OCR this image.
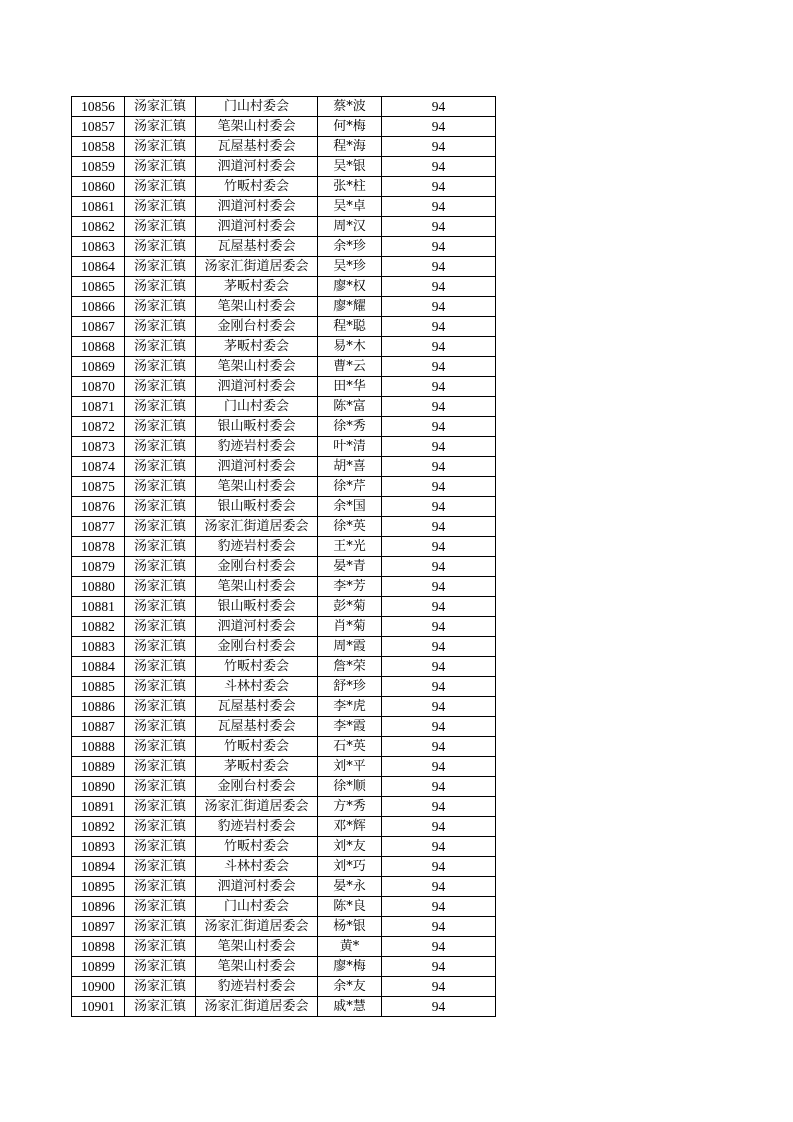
10856	汤家汇镇	门山村委会	蔡*波	94
10857	汤家汇镇	笔架山村委会	何*梅	94
10858	汤家汇镇	瓦屋基村委会	程*海	94
10859	汤家汇镇	泗道河村委会	吴*银	94
10860	汤家汇镇	竹畈村委会	张*柱	94
10861	汤家汇镇	泗道河村委会	吴*卓	94
10862	汤家汇镇	泗道河村委会	周*汉	94
10863	汤家汇镇	瓦屋基村委会	余*珍	94
10864	汤家汇镇	汤家汇街道居委会	吴*珍	94
10865	汤家汇镇	茅畈村委会	廖*权	94
10866	汤家汇镇	笔架山村委会	廖*耀	94
10867	汤家汇镇	金刚台村委会	程*聪	94
10868	汤家汇镇	茅畈村委会	易*木	94
10869	汤家汇镇	笔架山村委会	曹*云	94
10870	汤家汇镇	泗道河村委会	田*华	94
10871	汤家汇镇	门山村委会	陈*富	94
10872	汤家汇镇	银山畈村委会	徐*秀	94
10873	汤家汇镇	豹迹岩村委会	叶*清	94
10874	汤家汇镇	泗道河村委会	胡*喜	94
10875	汤家汇镇	笔架山村委会	徐*芹	94
10876	汤家汇镇	银山畈村委会	余*国	94
10877	汤家汇镇	汤家汇街道居委会	徐*英	94
10878	汤家汇镇	豹迹岩村委会	王*光	94
10879	汤家汇镇	金刚台村委会	晏*青	94
10880	汤家汇镇	笔架山村委会	李*芳	94
10881	汤家汇镇	银山畈村委会	彭*菊	94
10882	汤家汇镇	泗道河村委会	肖*菊	94
10883	汤家汇镇	金刚台村委会	周*霞	94
10884	汤家汇镇	竹畈村委会	詹*荣	94
10885	汤家汇镇	斗林村委会	舒*珍	94
10886	汤家汇镇	瓦屋基村委会	李*虎	94
10887	汤家汇镇	瓦屋基村委会	李*霞	94
10888	汤家汇镇	竹畈村委会	石*英	94
10889	汤家汇镇	茅畈村委会	刘*平	94
10890	汤家汇镇	金刚台村委会	徐*顺	94
10891	汤家汇镇	汤家汇街道居委会	方*秀	94
10892	汤家汇镇	豹迹岩村委会	邓*辉	94
10893	汤家汇镇	竹畈村委会	刘*友	94
10894	汤家汇镇	斗林村委会	刘*巧	94
10895	汤家汇镇	泗道河村委会	晏*永	94
10896	汤家汇镇	门山村委会	陈*良	94
10897	汤家汇镇	汤家汇街道居委会	杨*银	94
10898	汤家汇镇	笔架山村委会	黄*	94
10899	汤家汇镇	笔架山村委会	廖*梅	94
10900	汤家汇镇	豹迹岩村委会	余*友	94
10901	汤家汇镇	汤家汇街道居委会	戚*慧	94
